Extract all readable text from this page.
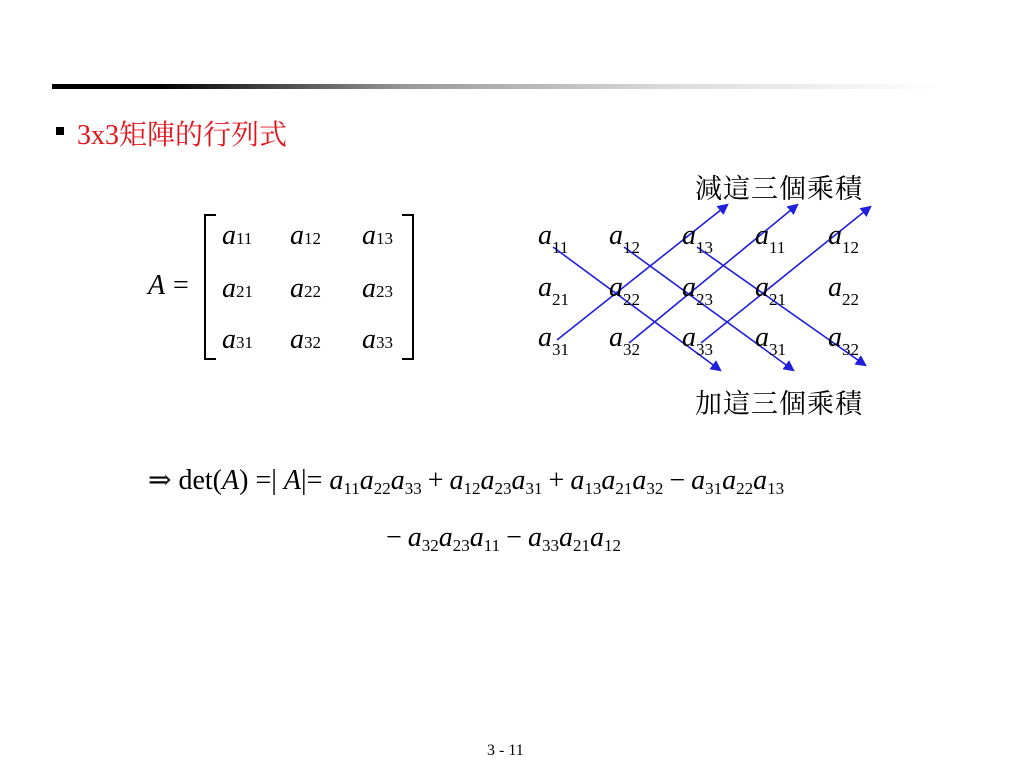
3x3矩陣的行列式
A =
a11 a12 a13
a21 a22 a23
a31 a32 a33
$a_{11}$ $a_{12}$ $a_{13}$ $a_{11}$ $a_{12}$
$a_{21}$ $a_{22}$ $a_{23}$ $a_{21}$ $a_{22}$
$a_{31}$ $a_{32}$ $a_{33}$ $a_{31}$ $a_{32}$
減這三個乘積
加這三個乘積
⇒ det(A) =| $A|= a_{11}a_{22}a_{33} + a_{12}a_{23}a_{31} + a_{13}a_{21}a_{32} - a_{31}a_{22}a_{13}$
− $a_{32}a_{23}a_{11} - a_{33}a_{21}a_{12}$
3 - 11
